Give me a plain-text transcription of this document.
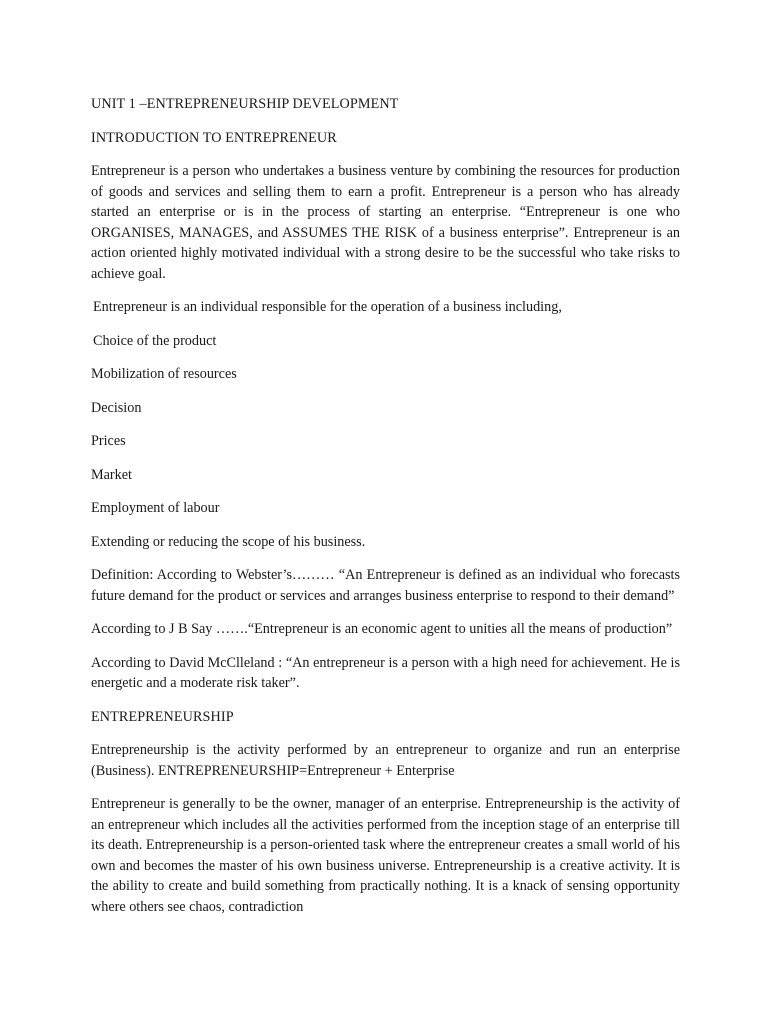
UNIT 1 –ENTREPRENEURSHIP DEVELOPMENT

INTRODUCTION TO ENTREPRENEUR

Entrepreneur is a person who undertakes a business venture by combining the resources for production of goods and services and selling them to earn a profit. Entrepreneur is a person who has already started an enterprise or is in the process of starting an enterprise. “Entrepreneur is one who ORGANISES, MANAGES, and ASSUMES THE RISK of a business enterprise”. Entrepreneur is an action oriented highly motivated individual with a strong desire to be the successful who take risks to achieve goal.

Entrepreneur is an individual responsible for the operation of a business including,

Choice of the product

Mobilization of resources

Decision

Prices

Market

Employment of labour

Extending or reducing the scope of his business.

Definition: According to Webster’s……… “An Entrepreneur is defined as an individual who forecasts future demand for the product or services and arranges business enterprise to respond to their demand”

According to J B Say …….“Entrepreneur is an economic agent to unities all the means of production”

According to David McClleland : “An entrepreneur is a person with a high need for achievement. He is energetic and a moderate risk taker”.

ENTREPRENEURSHIP

Entrepreneurship is the activity performed by an entrepreneur to organize and run an enterprise (Business). ENTREPRENEURSHIP=Entrepreneur + Enterprise

Entrepreneur is generally to be the owner, manager of an enterprise. Entrepreneurship is the activity of an entrepreneur which includes all the activities performed from the inception stage of an enterprise till its death. Entrepreneurship is a person-oriented task where the entrepreneur creates a small world of his own and becomes the master of his own business universe. Entrepreneurship is a creative activity. It is the ability to create and build something from practically nothing. It is a knack of sensing opportunity where others see chaos, contradiction
